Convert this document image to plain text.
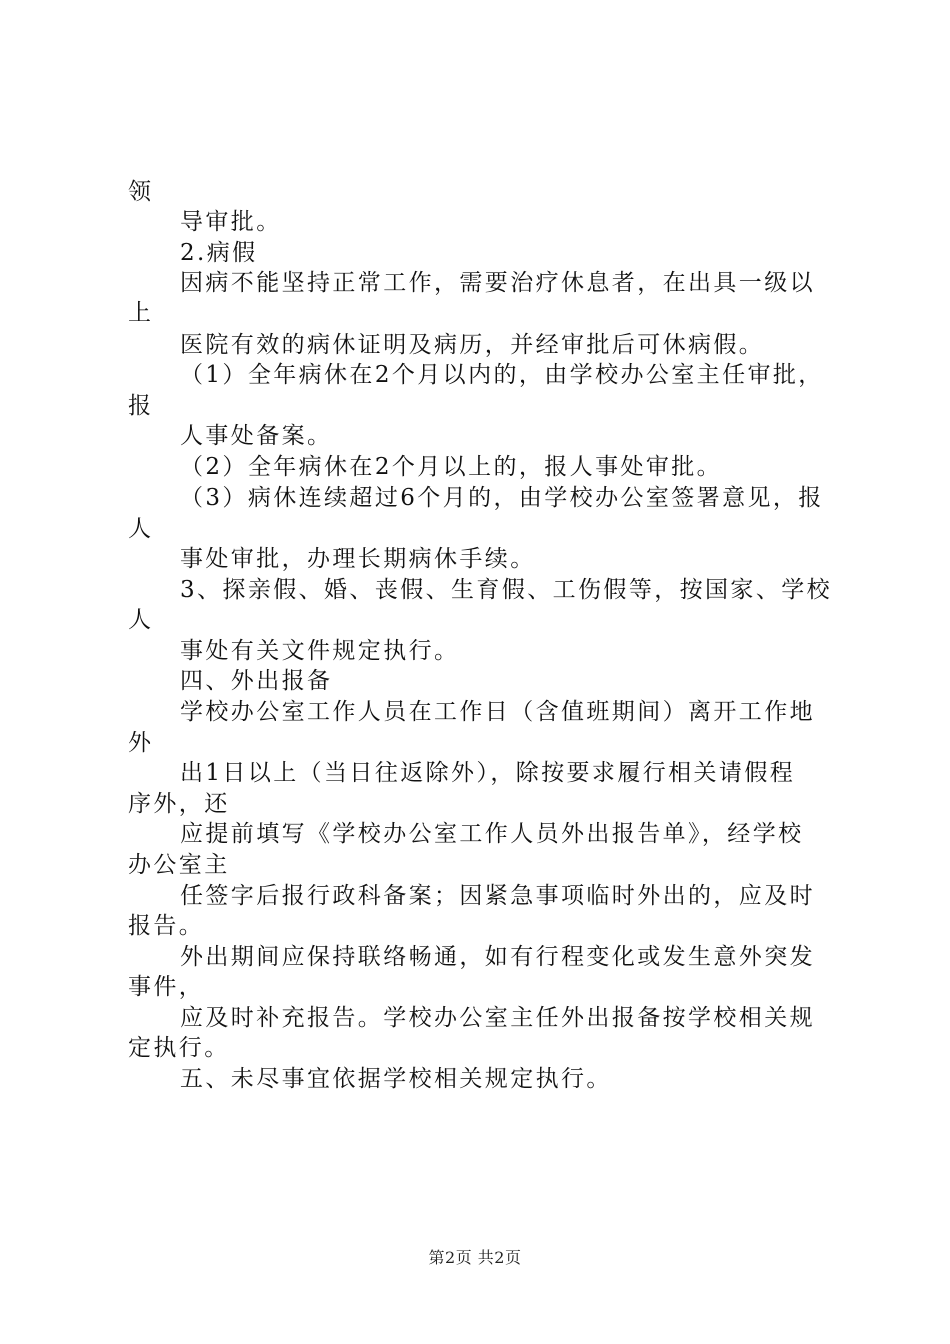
领
导审批。
2.病假
因病不能坚持正常工作，需要治疗休息者，在出具一级以
上
医院有效的病休证明及病历，并经审批后可休病假。
（1）全年病休在2个月以内的，由学校办公室主任审批，
报
人事处备案。
（2）全年病休在2个月以上的，报人事处审批。
（3）病休连续超过6个月的，由学校办公室签署意见，报
人
事处审批，办理长期病休手续。
3、探亲假、婚、丧假、生育假、工伤假等，按国家、学校
人
事处有关文件规定执行。
四、外出报备
学校办公室工作人员在工作日（含值班期间）离开工作地
外
出1日以上（当日往返除外），除按要求履行相关请假程
序外，还
应提前填写《学校办公室工作人员外出报告单》，经学校
办公室主
任签字后报行政科备案；因紧急事项临时外出的，应及时
报告。
外出期间应保持联络畅通，如有行程变化或发生意外突发
事件，
应及时补充报告。学校办公室主任外出报备按学校相关规
定执行。
五、未尽事宜依据学校相关规定执行。
第2页 共2页
